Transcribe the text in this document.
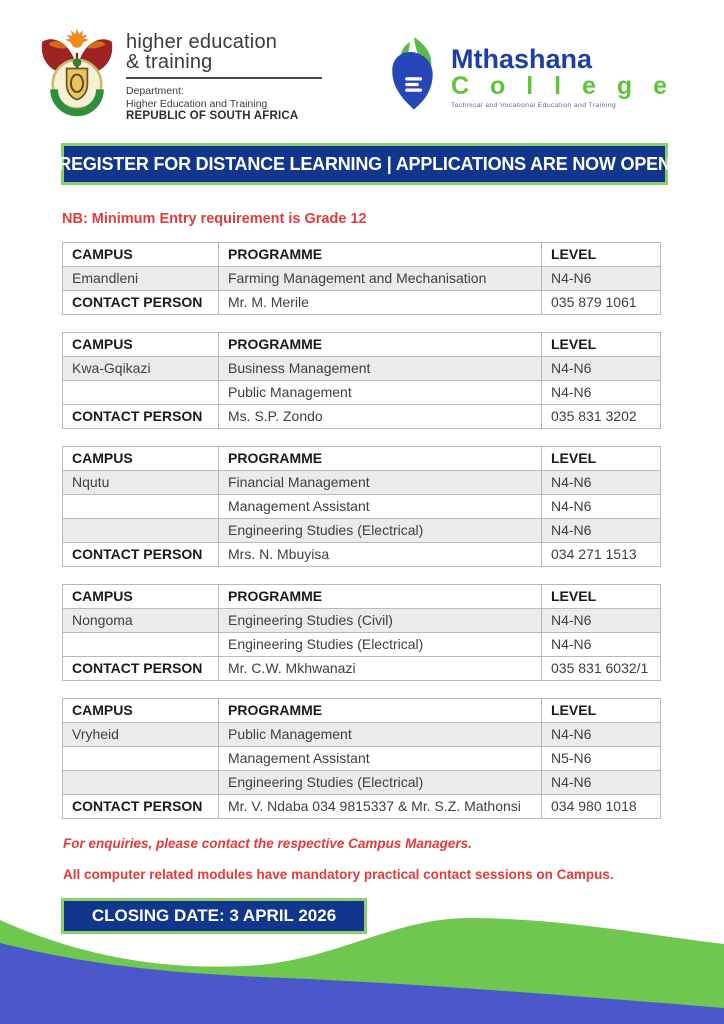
higher education
& training
Department:
Higher Education and Training
REPUBLIC OF SOUTH AFRICA
Mthashana
C o l l e g e
Technical and Vocational Education and Training
REGISTER FOR DISTANCE LEARNING | APPLICATIONS ARE NOW OPEN
NB: Minimum Entry requirement is Grade 12
CAMPUS	PROGRAMME	LEVEL
Emandleni	Farming Management and Mechanisation	N4-N6
CONTACT PERSON	Mr. M. Merile	035 879 1061
CAMPUS	PROGRAMME	LEVEL
Kwa-Gqikazi	Business Management	N4-N6
	Public Management	N4-N6
CONTACT PERSON	Ms. S.P. Zondo	035 831 3202
CAMPUS	PROGRAMME	LEVEL
Nqutu	Financial Management	N4-N6
	Management Assistant	N4-N6
	Engineering Studies (Electrical)	N4-N6
CONTACT PERSON	Mrs. N. Mbuyisa	034 271 1513
CAMPUS	PROGRAMME	LEVEL
Nongoma	Engineering Studies (Civil)	N4-N6
	Engineering Studies (Electrical)	N4-N6
CONTACT PERSON	Mr. C.W. Mkhwanazi	035 831 6032/1
CAMPUS	PROGRAMME	LEVEL
Vryheid	Public Management	N4-N6
	Management Assistant	N5-N6
	Engineering Studies (Electrical)	N4-N6
CONTACT PERSON	Mr. V. Ndaba 034 9815337 & Mr. S.Z. Mathonsi	034 980 1018

For enquiries, please contact the respective Campus Managers.

All computer related modules have mandatory practical contact sessions on Campus.

CLOSING DATE: 3 APRIL 2026
